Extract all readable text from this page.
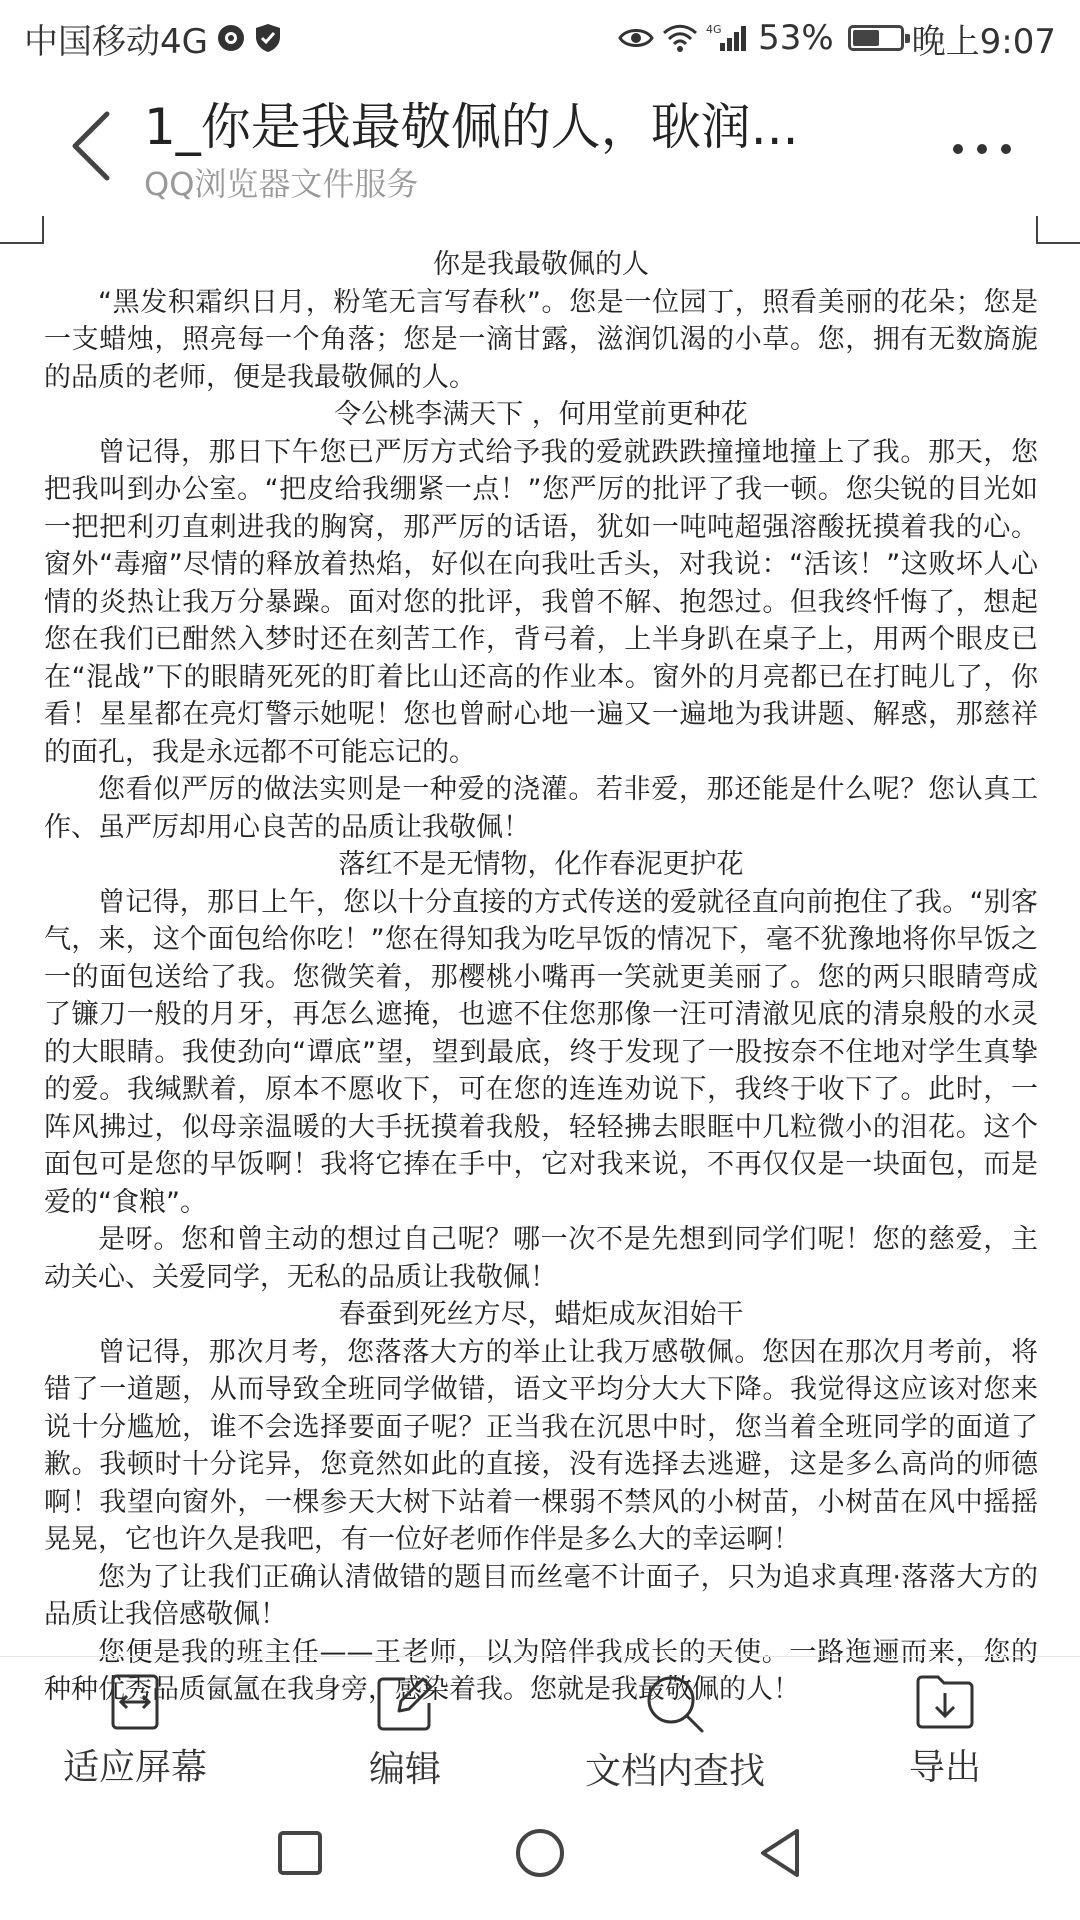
中国移动4G	4G 53% 晚上9:07
1_你是我最敬佩的人，耿润...
QQ浏览器文件服务

你是我最敬佩的人

“黑发积霜织日月，粉笔无言写春秋”。您是一位园丁，照看美丽的花朵；您是一支蜡烛，照亮每一个角落；您是一滴甘露，滋润饥渴的小草。您，拥有无数旖旎的品质的老师，便是我最敬佩的人。

令公桃李满天下 ，何用堂前更种花

曾记得，那日下午您已严厉方式给予我的爱就跌跌撞撞地撞上了我。那天，您把我叫到办公室。“把皮给我绷紧一点！”您严厉的批评了我一顿。您尖锐的目光如一把把利刃直刺进我的胸窝，那严厉的话语，犹如一吨吨超强溶酸抚摸着我的心。窗外“毒瘤”尽情的释放着热焰，好似在向我吐舌头，对我说：“活该！”这败坏人心情的炎热让我万分暴躁。面对您的批评，我曾不解、抱怨过。但我终忏悔了，想起您在我们已酣然入梦时还在刻苦工作，背弓着，上半身趴在桌子上，用两个眼皮已在“混战”下的眼睛死死的盯着比山还高的作业本。窗外的月亮都已在打盹儿了，你看！星星都在亮灯警示她呢！您也曾耐心地一遍又一遍地为我讲题、解惑，那慈祥的面孔，我是永远都不可能忘记的。

您看似严厉的做法实则是一种爱的浇灌。若非爱，那还能是什么呢？您认真工作、虽严厉却用心良苦的品质让我敬佩！

落红不是无情物，化作春泥更护花

曾记得，那日上午，您以十分直接的方式传送的爱就径直向前抱住了我。“别客气，来，这个面包给你吃！”您在得知我为吃早饭的情况下，毫不犹豫地将你早饭之一的面包送给了我。您微笑着，那樱桃小嘴再一笑就更美丽了。您的两只眼睛弯成了镰刀一般的月牙，再怎么遮掩，也遮不住您那像一汪可清澈见底的清泉般的水灵的大眼睛。我使劲向“谭底”望，望到最底，终于发现了一股按奈不住地对学生真挚的爱。我缄默着，原本不愿收下，可在您的连连劝说下，我终于收下了。此时，一阵风拂过，似母亲温暖的大手抚摸着我般，轻轻拂去眼眶中几粒微小的泪花。这个面包可是您的早饭啊！我将它捧在手中，它对我来说，不再仅仅是一块面包，而是爱的“食粮”。

是呀。您和曾主动的想过自己呢？哪一次不是先想到同学们呢！您的慈爱，主动关心、关爱同学，无私的品质让我敬佩！

春蚕到死丝方尽，蜡炬成灰泪始干

曾记得，那次月考，您落落大方的举止让我万感敬佩。您因在那次月考前，将错了一道题，从而导致全班同学做错，语文平均分大大下降。我觉得这应该对您来说十分尴尬，谁不会选择要面子呢？正当我在沉思中时，您当着全班同学的面道了歉。我顿时十分诧异，您竟然如此的直接，没有选择去逃避，这是多么高尚的师德啊！我望向窗外，一棵参天大树下站着一棵弱不禁风的小树苗，小树苗在风中摇摇晃晃，它也许久是我吧，有一位好老师作伴是多么大的幸运啊！

您为了让我们正确认清做错的题目而丝毫不计面子，只为追求真理·落落大方的品质让我倍感敬佩！

您便是我的班主任——王老师，以为陪伴我成长的天使。一路迤逦而来，您的种种优秀品质氤氲在我身旁，感染着我。您就是我最敬佩的人！

适应屏幕	编辑	文档内查找	导出
